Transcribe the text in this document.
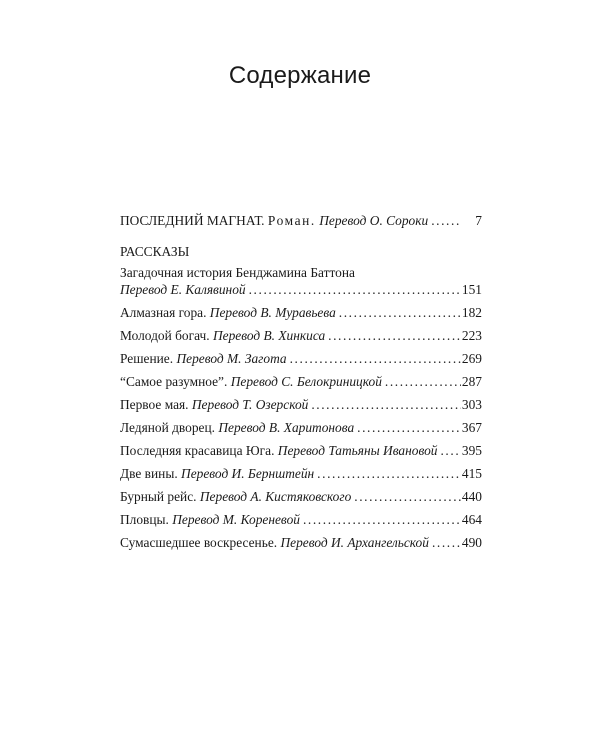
Содержание
ПОСЛЕДНИЙ МАГНАТ. Роман. Перевод О. Сороки .....	7
РАССКАЗЫ
Загадочная история Бенджамина Баттона
Перевод Е. Калявиной .....	151
Алмазная гора. Перевод В. Муравьева .....	182
Молодой богач. Перевод В. Хинкиса .....	223
Решение. Перевод М. Загота .....	269
“Самое разумное”. Перевод С. Белокриницкой .....	287
Первое мая. Перевод Т. Озерской .....	303
Ледяной дворец. Перевод В. Харитонова .....	367
Последняя красавица Юга. Перевод Татьяны Ивановой ..... 395
Две вины. Перевод И. Бернштейн .....	415
Бурный рейс. Перевод А. Кистяковского .....	440
Пловцы. Перевод М. Кореневой .....	464
Сумасшедшее воскресенье. Перевод И. Архангельской ..... 490
